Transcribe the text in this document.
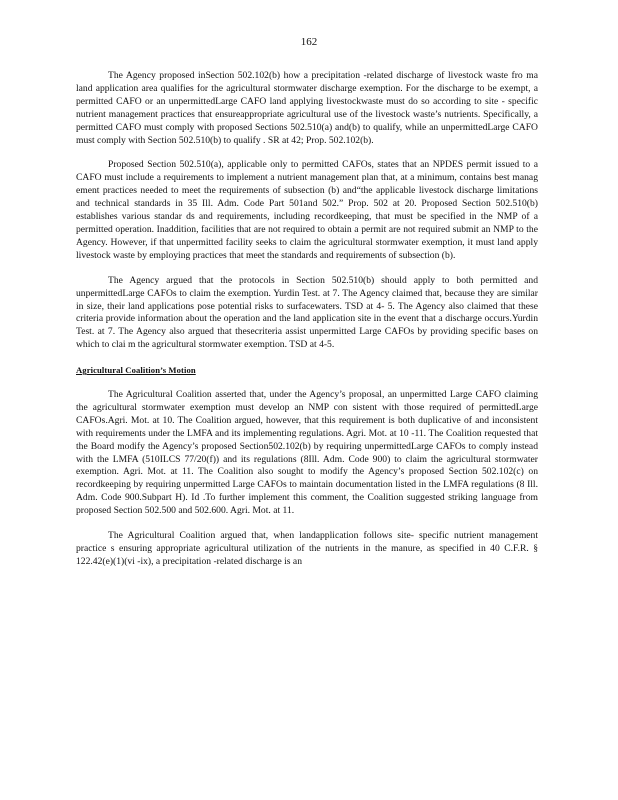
162

The Agency proposed inSection 502.102(b) how a precipitation -related discharge of livestock waste fro ma land application area qualifies for the agricultural stormwater discharge exemption. For the discharge to be exempt, a permitted CAFO or an unpermittedLarge CAFO land applying livestockwaste must do so according to site - specific nutrient management practices that ensureappropriate agricultural use of the livestock waste’s nutrients. Specifically, a permitted CAFO must comply with proposed Sections 502.510(a) and(b) to qualify, while an unpermittedLarge CAFO must comply with Section 502.510(b) to qualify . SR at 42; Prop. 502.102(b).

Proposed Section 502.510(a), applicable only to permitted CAFOs, states that an NPDES permit issued to a CAFO must include a requirements to implement a nutrient management plan that, at a minimum, contains best manag ement practices needed to meet the requirements of subsection (b) and“the applicable livestock discharge limitations and technical standards in 35 Ill. Adm. Code Part 501and 502.” Prop. 502 at 20. Proposed Section 502.510(b) establishes various standar ds and requirements, including recordkeeping, that must be specified in the NMP of a permitted operation. Inaddition, facilities that are not required to obtain a permit are not required submit an NMP to the Agency. However, if that unpermitted facility seeks to claim the agricultural stormwater exemption, it must land apply livestock waste by employing practices that meet the standards and requirements of subsection (b).

The Agency argued that the protocols in Section 502.510(b) should apply to both permitted and unpermittedLarge CAFOs to claim the exemption. Yurdin Test. at 7. The Agency claimed that, because they are similar in size, their land applications pose potential risks to surfacewaters. TSD at 4- 5. The Agency also claimed that these criteria provide information about the operation and the land application site in the event that a discharge occurs.Yurdin Test. at 7. The Agency also argued that thesecriteria assist unpermitted Large CAFOs by providing specific bases on which to clai m the agricultural stormwater exemption. TSD at 4-5.

Agricultural Coalition’s Motion

The Agricultural Coalition asserted that, under the Agency’s proposal, an unpermitted Large CAFO claiming the agricultural stormwater exemption must develop an NMP con sistent with those required of permittedLarge CAFOs.Agri. Mot. at 10. The Coalition argued, however, that this requirement is both duplicative of and inconsistent with requirements under the LMFA and its implementing regulations. Agri. Mot. at 10 -11. The Coalition requested that the Board modify the Agency’s proposed Section502.102(b) by requiring unpermittedLarge CAFOs to comply instead with the LMFA (510ILCS 77/20(f)) and its regulations (8Ill. Adm. Code 900) to claim the agricultural stormwater exemption. Agri. Mot. at 11. The Coalition also sought to modify the Agency’s proposed Section 502.102(c) on recordkeeping by requiring unpermitted Large CAFOs to maintain documentation listed in the LMFA regulations (8 Ill. Adm. Code 900.Subpart H). Id .To further implement this comment, the Coalition suggested striking language from proposed Section 502.500 and 502.600. Agri. Mot. at 11.

The Agricultural Coalition argued that, when landapplication follows site- specific nutrient management practice s ensuring appropriate agricultural utilization of the nutrients in the manure, as specified in 40 C.F.R. § 122.42(e)(1)(vi -ix), a precipitation -related discharge is an
